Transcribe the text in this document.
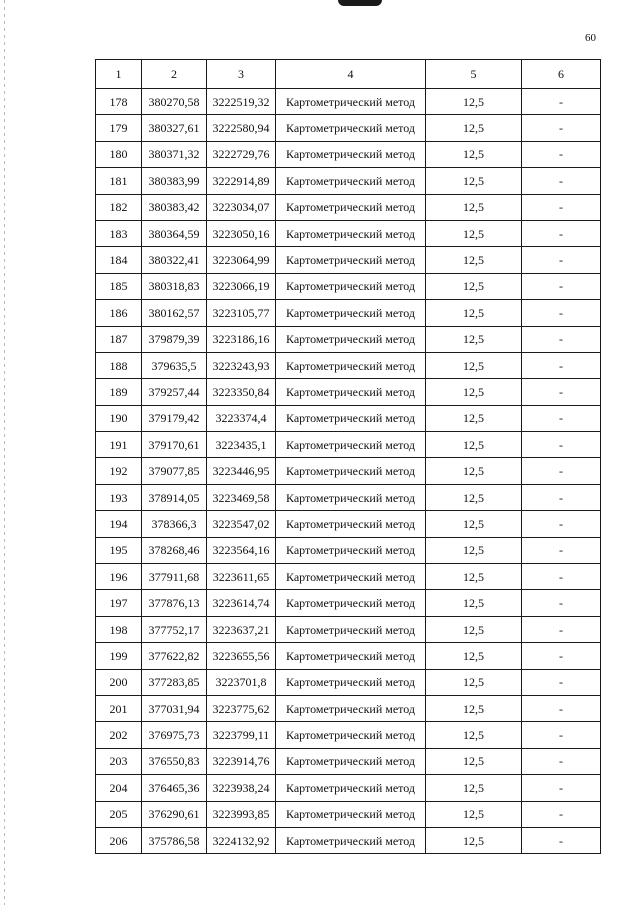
60
1	2	3	4	5	6
178	380270,58	3222519,32	Картометрический метод	12,5	-
179	380327,61	3222580,94	Картометрический метод	12,5	-
180	380371,32	3222729,76	Картометрический метод	12,5	-
181	380383,99	3222914,89	Картометрический метод	12,5	-
182	380383,42	3223034,07	Картометрический метод	12,5	-
183	380364,59	3223050,16	Картометрический метод	12,5	-
184	380322,41	3223064,99	Картометрический метод	12,5	-
185	380318,83	3223066,19	Картометрический метод	12,5	-
186	380162,57	3223105,77	Картометрический метод	12,5	-
187	379879,39	3223186,16	Картометрический метод	12,5	-
188	379635,5	3223243,93	Картометрический метод	12,5	-
189	379257,44	3223350,84	Картометрический метод	12,5	-
190	379179,42	3223374,4	Картометрический метод	12,5	-
191	379170,61	3223435,1	Картометрический метод	12,5	-
192	379077,85	3223446,95	Картометрический метод	12,5	-
193	378914,05	3223469,58	Картометрический метод	12,5	-
194	378366,3	3223547,02	Картометрический метод	12,5	-
195	378268,46	3223564,16	Картометрический метод	12,5	-
196	377911,68	3223611,65	Картометрический метод	12,5	-
197	377876,13	3223614,74	Картометрический метод	12,5	-
198	377752,17	3223637,21	Картометрический метод	12,5	-
199	377622,82	3223655,56	Картометрический метод	12,5	-
200	377283,85	3223701,8	Картометрический метод	12,5	-
201	377031,94	3223775,62	Картометрический метод	12,5	-
202	376975,73	3223799,11	Картометрический метод	12,5	-
203	376550,83	3223914,76	Картометрический метод	12,5	-
204	376465,36	3223938,24	Картометрический метод	12,5	-
205	376290,61	3223993,85	Картометрический метод	12,5	-
206	375786,58	3224132,92	Картометрический метод	12,5	-
